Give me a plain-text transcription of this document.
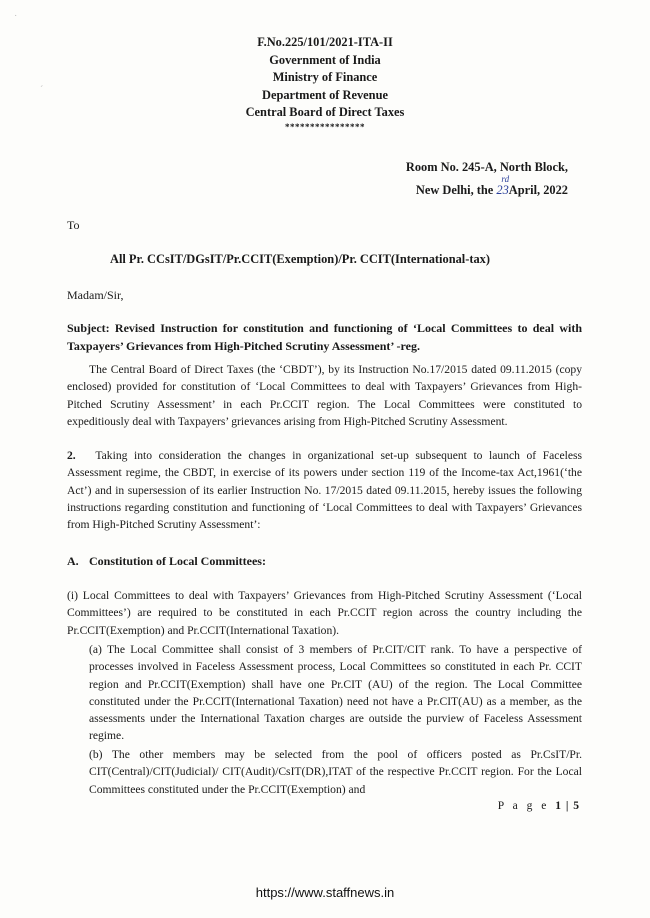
˙
´
F.No.225/101/2021-ITA-II
Government of India
Ministry of Finance
Department of Revenue
Central Board of Direct Taxes
****************
Room No. 245-A, North Block,
New Delhi, the 23
rd
April, 2022
To
All Pr. CCsIT/DGsIT/Pr.CCIT(Exemption)/Pr. CCIT(International-tax)
Madam/Sir,
Subject: Revised Instruction for constitution and functioning of ‘Local Committees to deal with Taxpayers’ Grievances from High-Pitched Scrutiny Assessment’ -reg.
The Central Board of Direct Taxes (the ‘CBDT’), by its Instruction No.17/2015 dated 09.11.2015 (copy enclosed) provided for constitution of ‘Local Committees to deal with Taxpayers’ Grievances from High-Pitched Scrutiny Assessment’ in each Pr.CCIT region. The Local Committees were constituted to expeditiously deal with Taxpayers’ grievances arising from High-Pitched Scrutiny Assessment.
2. Taking into consideration the changes in organizational set-up subsequent to launch of Faceless Assessment regime, the CBDT, in exercise of its powers under section 119 of the Income-tax Act,1961(‘the Act’) and in supersession of its earlier Instruction No. 17/2015 dated 09.11.2015, hereby issues the following instructions regarding constitution and functioning of ‘Local Committees to deal with Taxpayers’ Grievances from High-Pitched Scrutiny Assessment’:
A. Constitution of Local Committees:
(i) Local Committees to deal with Taxpayers’ Grievances from High-Pitched Scrutiny Assessment (‘Local Committees’) are required to be constituted in each Pr.CCIT region across the country including the Pr.CCIT(Exemption) and Pr.CCIT(International Taxation).
(a) The Local Committee shall consist of 3 members of Pr.CIT/CIT rank. To have a perspective of processes involved in Faceless Assessment process, Local Committees so constituted in each Pr. CCIT region and Pr.CCIT(Exemption) shall have one Pr.CIT (AU) of the region. The Local Committee constituted under the Pr.CCIT(International Taxation) need not have a Pr.CIT(AU) as a member, as the assessments under the International Taxation charges are outside the purview of Faceless Assessment regime.
(b) The other members may be selected from the pool of officers posted as Pr.CsIT/Pr. CIT(Central)/CIT(Judicial)/ CIT(Audit)/CsIT(DR),ITAT of the respective Pr.CCIT region. For the Local Committees constituted under the Pr.CCIT(Exemption) and
P a g e 1 | 5
https://www.staffnews.in
